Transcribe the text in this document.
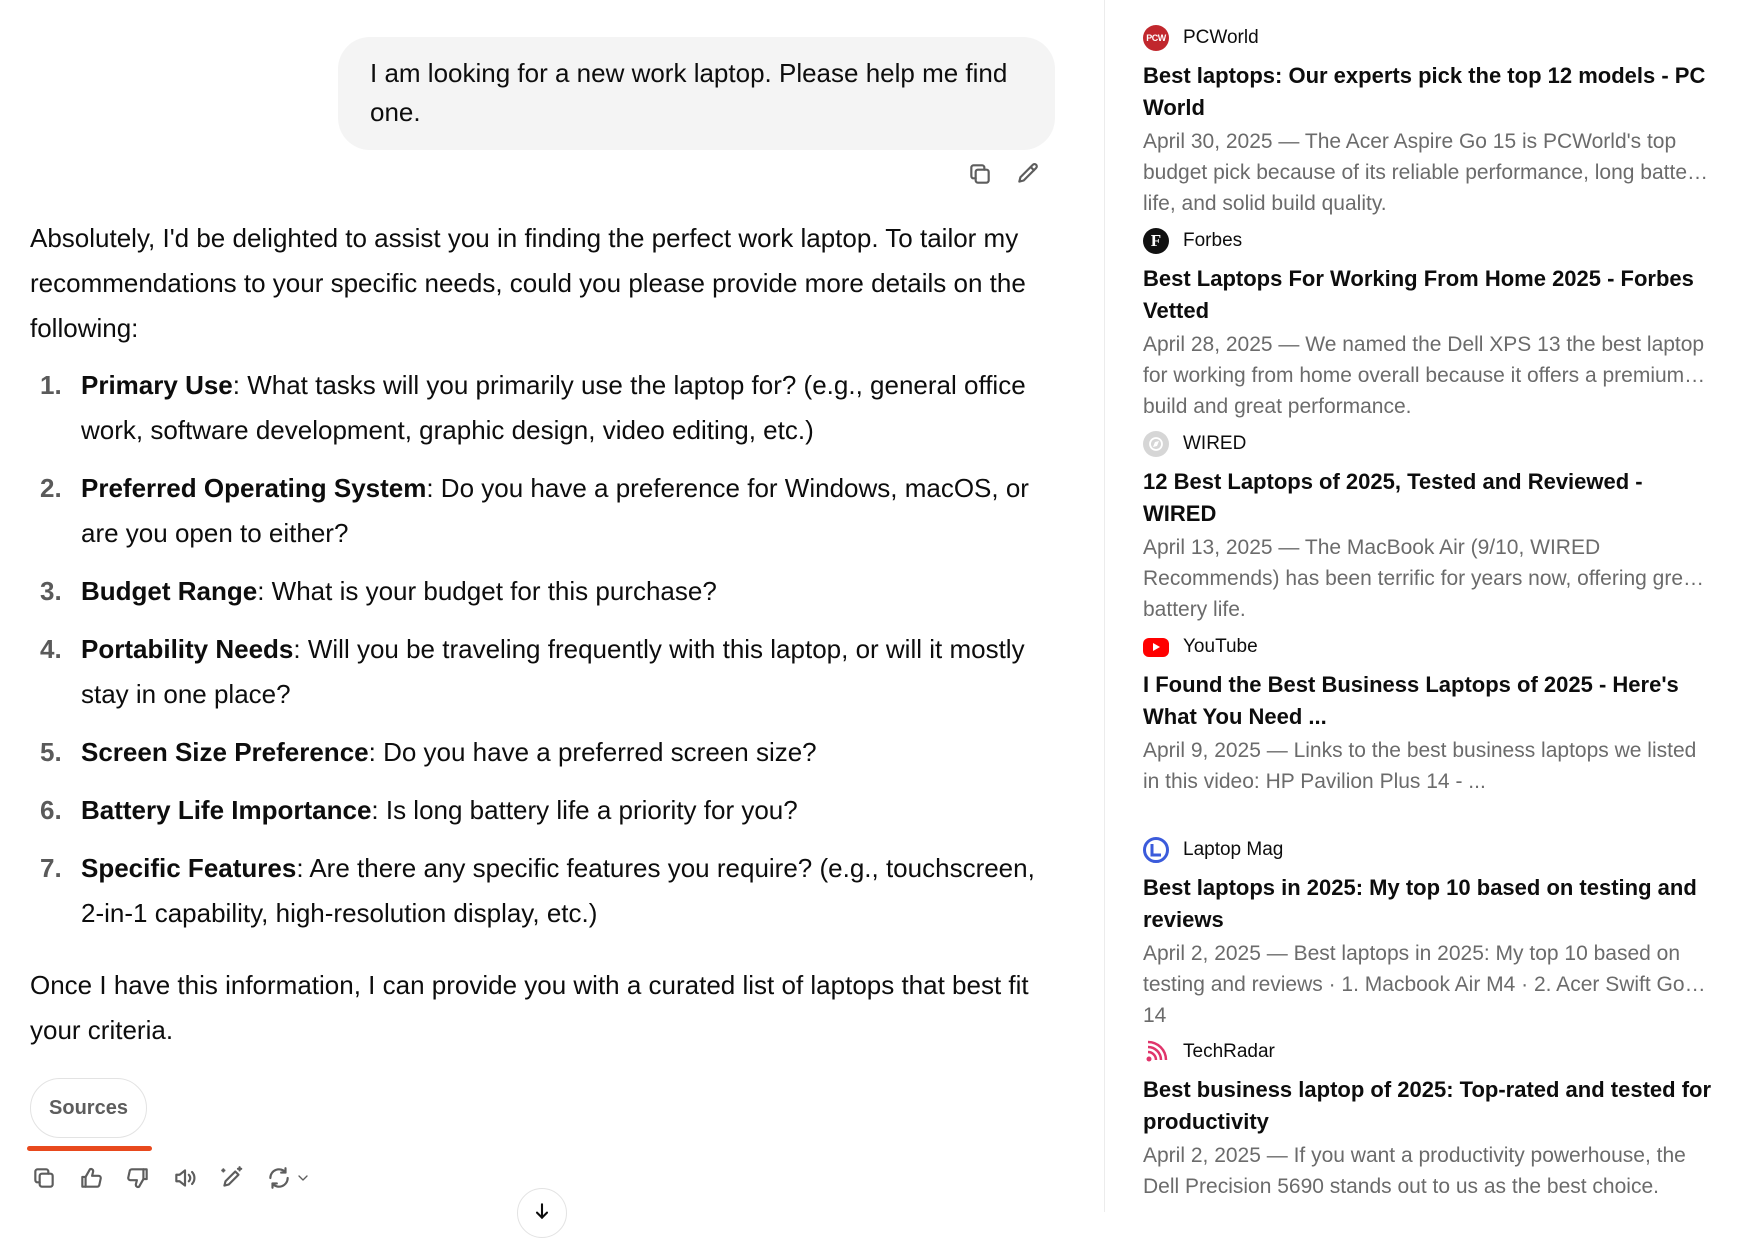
I am looking for a new work laptop. Please help me find one.

Absolutely, I'd be delighted to assist you in finding the perfect work laptop. To tailor my recommendations to your specific needs, could you please provide more details on the following:

1. Primary Use: What tasks will you primarily use the laptop for? (e.g., general office work, software development, graphic design, video editing, etc.)
2. Preferred Operating System: Do you have a preference for Windows, macOS, or are you open to either?
3. Budget Range: What is your budget for this purchase?
4. Portability Needs: Will you be traveling frequently with this laptop, or will it mostly stay in one place?
5. Screen Size Preference: Do you have a preferred screen size?
6. Battery Life Importance: Is long battery life a priority for you?
7. Specific Features: Are there any specific features you require? (e.g., touchscreen, 2-in-1 capability, high-resolution display, etc.)

Once I have this information, I can provide you with a curated list of laptops that best fit your criteria.

Sources
PCW PCWorld
Best laptops: Our experts pick the top 12 models - PC World
April 30, 2025 — The Acer Aspire Go 15 is PCWorld's top budget pick because of its reliable performance, long battery life, and solid build quality.
F	Forbes
Best Laptops For Working From Home 2025 - Forbes Vetted
April 28, 2025 — We named the Dell XPS 13 the best laptop for working from home overall because it offers a premium build and great performance.
WIRED
12 Best Laptops of 2025, Tested and Reviewed - WIRED
April 13, 2025 — The MacBook Air (9/10, WIRED Recommends) has been terrific for years now, offering great battery life.
YouTube
I Found the Best Business Laptops of 2025 - Here's What You Need ...
April 9, 2025 — Links to the best business laptops we listed in this video: HP Pavilion Plus 14 - ...
Laptop Mag
Best laptops in 2025: My top 10 based on testing and reviews
April 2, 2025 — Best laptops in 2025: My top 10 based on testing and reviews · 1. Macbook Air M4 · 2. Acer Swift Go 14
TechRadar
Best business laptop of 2025: Top-rated and tested for productivity
April 2, 2025 — If you want a productivity powerhouse, the Dell Precision 5690 stands out to us as the best choice.
